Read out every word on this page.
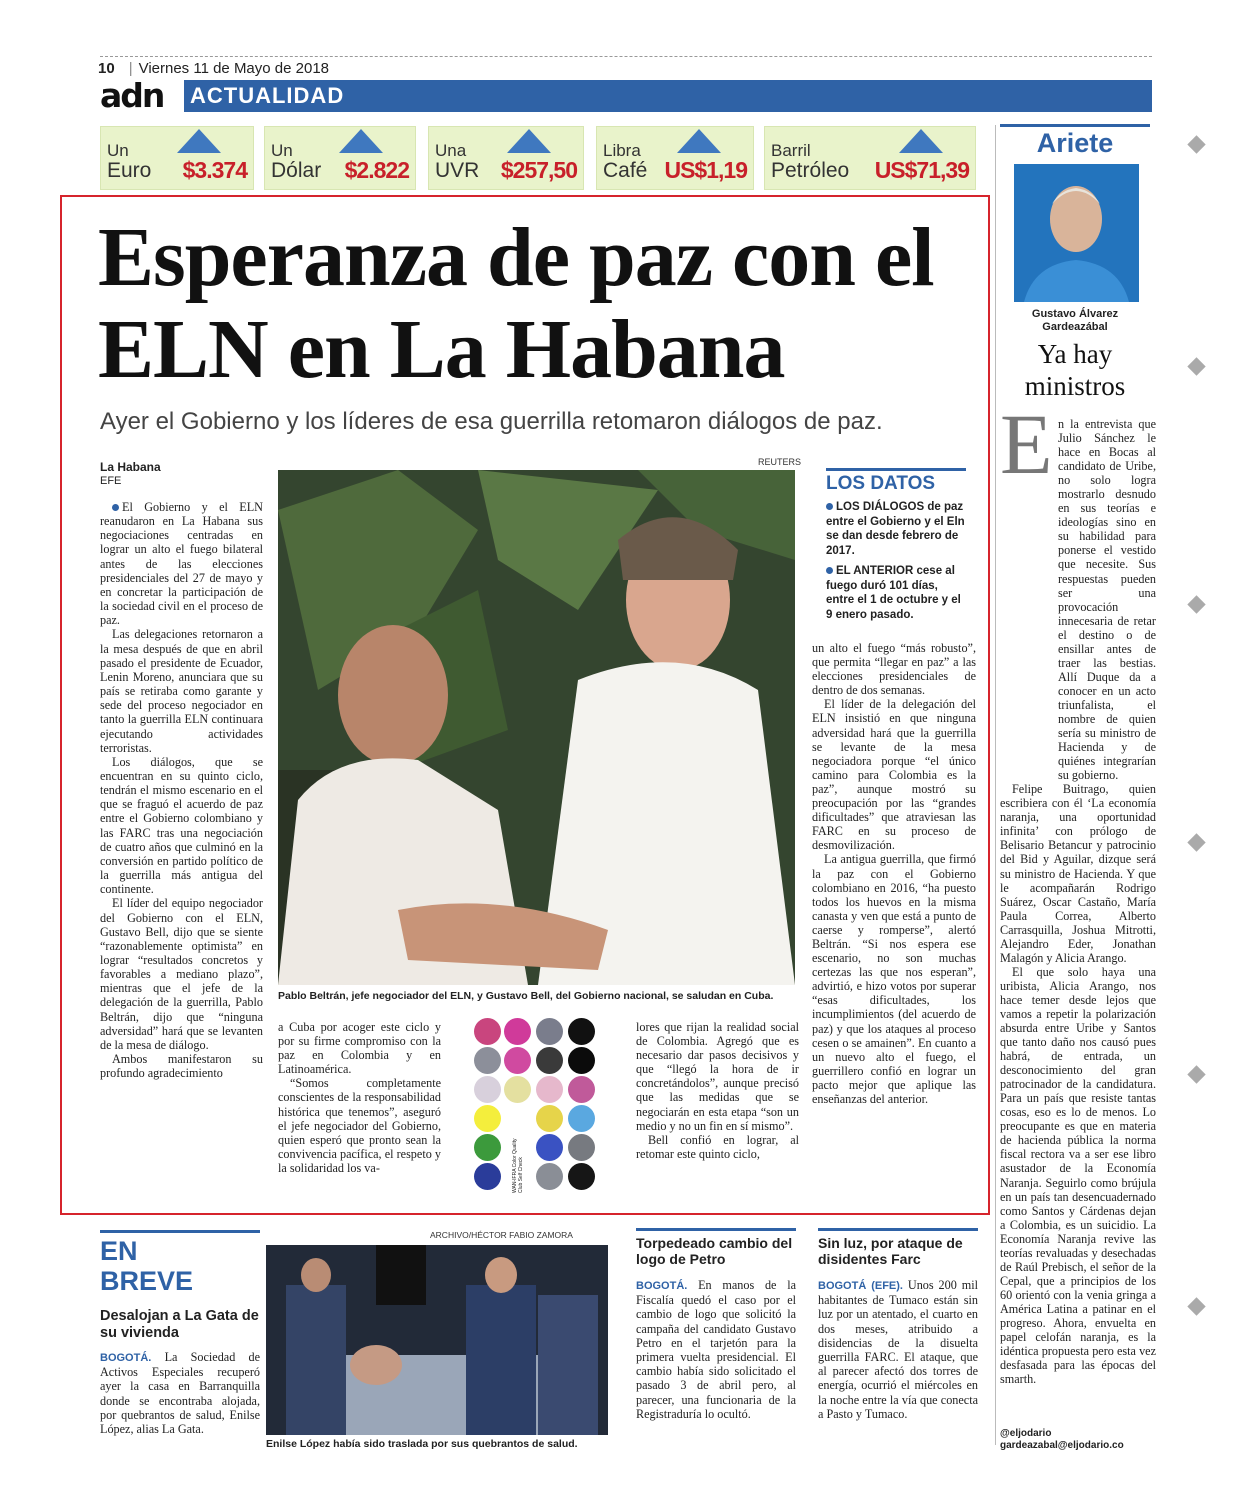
10 | Viernes 11 de Mayo de 2018
adn	ACTUALIDAD
Un
Euro $3.374
Un
Dólar $2.822
Una
UVR $257,50
Libra
Café US$1,19
Barril
Petróleo US$71,39
Esperanza de paz con el ELN en La Habana
Ayer el Gobierno y los líderes de esa guerrilla retomaron diálogos de paz.
La Habana
EFE

El Gobierno y el ELN reanudaron en La Habana sus negociaciones centradas en lograr un alto el fuego bilateral antes de las elecciones presidenciales del 27 de mayo y en concretar la participación de la sociedad civil en el proceso de paz.

Las delegaciones retornaron a la mesa después de que en abril pasado el presidente de Ecuador, Lenin Moreno, anunciara que su país se retiraba como garante y sede del proceso negociador en tanto la guerrilla ELN continuara ejecutando actividades terroristas.

Los diálogos, que se encuentran en su quinto ciclo, tendrán el mismo escenario en el que se fraguó el acuerdo de paz entre el Gobierno colombiano y las FARC tras una negociación de cuatro años que culminó en la conversión en partido político de la guerrilla más antigua del continente.

El líder del equipo negociador del Gobierno con el ELN, Gustavo Bell, dijo que se siente “razonablemente optimista” en lograr “resultados concretos y favorables a mediano plazo”, mientras que el jefe de la delegación de la guerrilla, Pablo Beltrán, dijo que “ninguna adversidad” hará que se levanten de la mesa de diálogo.

Ambos manifestaron su profundo agradecimiento

REUTERS
Pablo Beltrán, jefe negociador del ELN, y Gustavo Bell, del Gobierno nacional, se saludan en Cuba.
LOS DATOS

LOS DIÁLOGOS de paz entre el Gobierno y el Eln se dan desde febrero de 2017.

EL ANTERIOR cese al fuego duró 101 días, entre el 1 de octubre y el 9 enero pasado.

un alto el fuego “más robusto”, que permita “llegar en paz” a las elecciones presidenciales de dentro de dos semanas.

El líder de la delegación del ELN insistió en que ninguna adversidad hará que la guerrilla se levante de la mesa negociadora porque “el único camino para Colombia es la paz”, aunque mostró su preocupación por las “grandes dificultades” que atraviesan las FARC en su proceso de desmovilización.

La antigua guerrilla, que firmó la paz con el Gobierno colombiano en 2016, “ha puesto todos los huevos en la misma canasta y ven que está a punto de caerse y romperse”, alertó Beltrán. “Si nos espera ese escenario, no son muchas certezas las que nos esperan”, advirtió, e hizo votos por superar “esas dificultades, los incumplimientos (del acuerdo de paz) y que los ataques al proceso cesen o se amainen”. En cuanto a un nuevo alto el fuego, el guerrillero confió en lograr un pacto mejor que aplique las enseñanzas del anterior.

a Cuba por acoger este ciclo y por su firme compromiso con la paz en Colombia y en Latinoamérica.

“Somos completamente conscientes de la responsabilidad histórica que tenemos”, aseguró el jefe negociador del Gobierno, quien esperó que pronto sean la convivencia pacífica, el respeto y la solidaridad los va-	WAN-IFRA Color Quality Club Self Check

lores que rijan la realidad social de Colombia. Agregó que es necesario dar pasos decisivos y que “llegó la hora de ir concretándolos”, aunque precisó que las medidas que se negociarán en esta etapa “son un medio y no un fin en sí mismo”.

Bell confió en lograr, al retomar este quinto ciclo,

Ariete
Gustavo Álvarez Gardeazábal
Ya hay ministros
E n la entrevista que Julio Sánchez le hace en Bocas al candidato de Uribe, no solo logra mostrarlo desnudo en sus teorías e ideologías sino en su habilidad para ponerse el vestido que necesite. Sus respuestas pueden ser una provocación innecesaria de retar el destino o de ensillar antes de traer las bestias. Allí Duque da a conocer en un acto triunfalista, el nombre de quien sería su ministro de Hacienda y de quiénes integrarían su gobierno.

Felipe Buitrago, quien escribiera con él ‘La economía naranja, una oportunidad infinita’ con prólogo de Belisario Betancur y patrocinio del Bid y Aguilar, dizque será su ministro de Hacienda. Y que le acompañarán Rodrigo Suárez, Oscar Castaño, María Paula Correa, Alberto Carrasquilla, Joshua Mitrotti, Alejandro Eder, Jonathan Malagón y Alicia Arango.

El que solo haya una uribista, Alicia Arango, nos hace temer desde lejos que vamos a repetir la polarización absurda entre Uribe y Santos que tanto daño nos causó pues habrá, de entrada, un desconocimiento del gran patrocinador de la candidatura. Para un país que resiste tantas cosas, eso es lo de menos. Lo preocupante es que en materia de hacienda pública la norma fiscal rectora va a ser ese libro asustador de la Economía Naranja. Seguirlo como brújula en un país tan desencuadernado como Santos y Cárdenas dejan a Colombia, es un suicidio. La Economía Naranja revive las teorías revaluadas y desechadas de Raúl Prebisch, el señor de la Cepal, que a principios de los 60 orientó con la venia gringa a América Latina a patinar en el progreso. Ahora, envuelta en papel celofán naranja, es la idéntica propuesta pero esta vez desfasada para las épocas del smarth.

@eljodario
gardeazabal@eljodario.co
EN
BREVE
Desalojan a La Gata de su vivienda
BOGOTÁ. La Sociedad de Activos Especiales recuperó ayer la casa en Barranquilla donde se encontraba alojada, por quebrantos de salud, Enilse López, alias La Gata.
ARCHIVO/HÉCTOR FABIO ZAMORA
Enilse López había sido traslada por sus quebrantos de salud.
Torpedeado cambio del logo de Petro
BOGOTÁ. En manos de la Fiscalía quedó el caso por el cambio de logo que solicitó la campaña del candidato Gustavo Petro en el tarjetón para la primera vuelta presidencial. El cambio había sido solicitado el pasado 3 de abril pero, al parecer, una funcionaria de la Registraduría lo ocultó.
Sin luz, por ataque de disidentes Farc
BOGOTÁ (EFE). Unos 200 mil habitantes de Tumaco están sin luz por un atentado, el cuarto en dos meses, atribuido a disidencias de la disuelta guerrilla FARC. El ataque, que al parecer afectó dos torres de energía, ocurrió el miércoles en la noche entre la vía que conecta a Pasto y Tumaco.
